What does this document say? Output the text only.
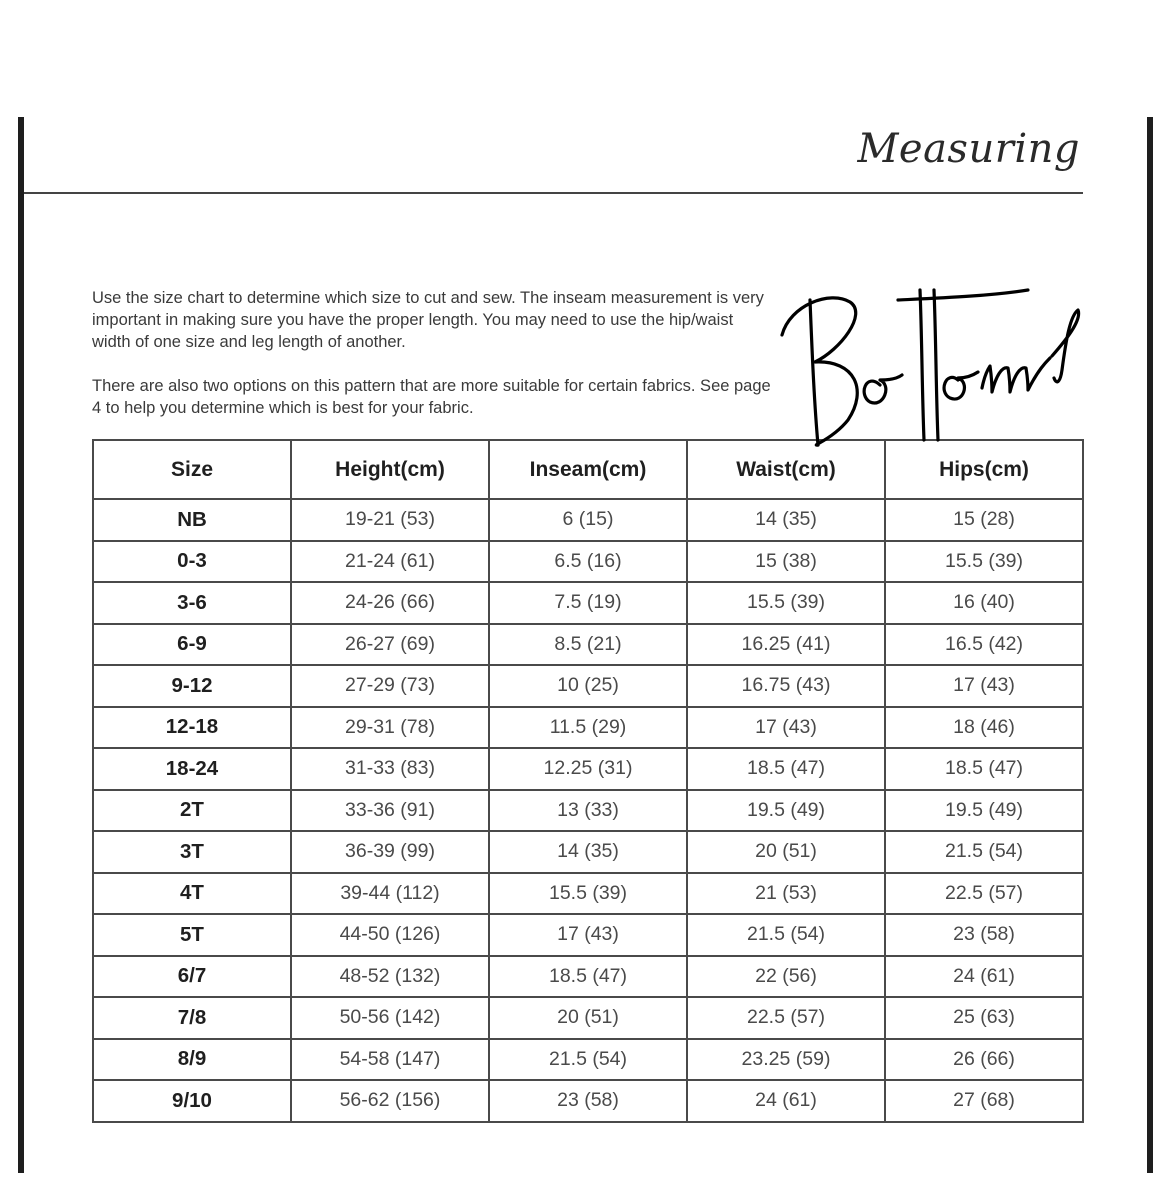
Measuring

Use the size chart to determine which size to cut and sew. The inseam measurement is very important in making sure you have the proper length. You may need to use the hip/waist width of one size and leg length of another.

There are also two options on this pattern that are more suitable for certain fabrics. See page 4 to help you determine which is best for your fabric.

Bottoms
Size	Height(cm)	Inseam(cm)	Waist(cm)	Hips(cm)
NB	19-21 (53)	6 (15)	14 (35)	15 (28)
0-3	21-24 (61)	6.5 (16)	15 (38)	15.5 (39)
3-6	24-26 (66)	7.5 (19)	15.5 (39)	16 (40)
6-9	26-27 (69)	8.5 (21)	16.25 (41)	16.5 (42)
9-12	27-29 (73)	10 (25)	16.75 (43)	17 (43)
12-18	29-31 (78)	11.5 (29)	17 (43)	18 (46)
18-24	31-33 (83)	12.25 (31)	18.5 (47)	18.5 (47)
2T	33-36 (91)	13 (33)	19.5 (49)	19.5 (49)
3T	36-39 (99)	14 (35)	20 (51)	21.5 (54)
4T	39-44 (112)	15.5 (39)	21 (53)	22.5 (57)
5T	44-50 (126)	17 (43)	21.5 (54)	23 (58)
6/7	48-52 (132)	18.5 (47)	22 (56)	24 (61)
7/8	50-56 (142)	20 (51)	22.5 (57)	25 (63)
8/9	54-58 (147)	21.5 (54)	23.25 (59)	26 (66)
9/10	56-62 (156)	23 (58)	24 (61)	27 (68)
